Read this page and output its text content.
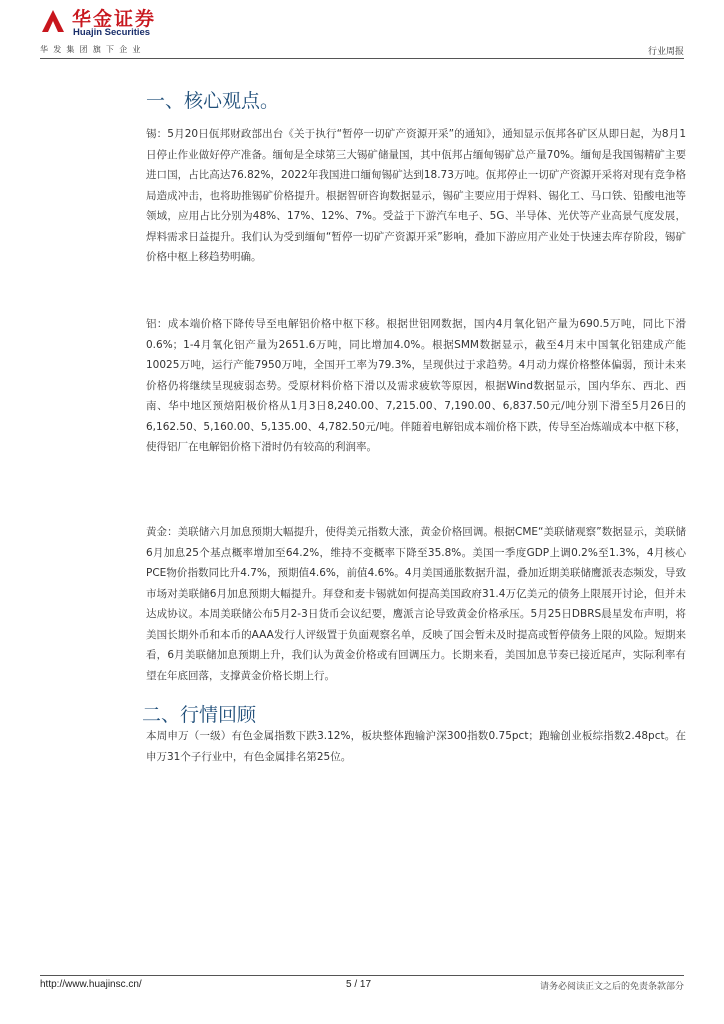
华金证券
Huajin Securities
华发集团旗下企业	行业周报
一、核心观点。

锡：5月20日佤邦财政部出台《关于执行“暂停一切矿产资源开采”的通知》，通知显示佤邦各矿区从即日起，为8月1日停止作业做好停产准备。缅甸是全球第三大锡矿储量国，其中佤邦占缅甸锡矿总产量70%。缅甸是我国锡精矿主要进口国，占比高达76.82%，2022年我国进口缅甸锡矿达到18.73万吨。佤邦停止一切矿产资源开采将对现有竞争格局造成冲击，也将助推锡矿价格提升。根据智研咨询数据显示，锡矿主要应用于焊料、锡化工、马口铁、铅酸电池等领域，应用占比分别为48%、17%、12%、7%。受益于下游汽车电子、5G、半导体、光伏等产业高景气度发展，焊料需求日益提升。我们认为受到缅甸“暂停一切矿产资源开采”影响，叠加下游应用产业处于快速去库存阶段，锡矿价格中枢上移趋势明确。

铝：成本端价格下降传导至电解铝价格中枢下移。根据世铝网数据，国内4月氧化铝产量为690.5万吨，同比下滑0.6%；1-4月氧化铝产量为2651.6万吨，同比增加4.0%。根据SMM数据显示，截至4月末中国氧化铝建成产能10025万吨，运行产能7950万吨，全国开工率为79.3%，呈现供过于求趋势。4月动力煤价格整体偏弱，预计未来价格仍将继续呈现疲弱态势。受原材料价格下滑以及需求疲软等原因，根据Wind数据显示，国内华东、西北、西南、华中地区预焙阳极价格从1月3日8,240.00、7,215.00、7,190.00、6,837.50元/吨分别下滑至5月26日的6,162.50、5,160.00、5,135.00、4,782.50元/吨。伴随着电解铝成本端价格下跌，传导至冶炼端成本中枢下移，使得铝厂在电解铝价格下滑时仍有较高的利润率。

黄金：美联储六月加息预期大幅提升，使得美元指数大涨，黄金价格回调。根据CME“美联储观察”数据显示，美联储6月加息25个基点概率增加至64.2%，维持不变概率下降至35.8%。美国一季度GDP上调0.2%至1.3%，4月核心PCE物价指数同比升4.7%，预期值4.6%，前值4.6%。4月美国通胀数据升温，叠加近期美联储鹰派表态频发，导致市场对美联储6月加息预期大幅提升。拜登和麦卡锡就如何提高美国政府31.4万亿美元的债务上限展开讨论，但并未达成协议。本周美联储公布5月2-3日货币会议纪要，鹰派言论导致黄金价格承压。5月25日DBRS晨星发布声明，将美国长期外币和本币的AAA发行人评级置于负面观察名单，反映了国会暂未及时提高或暂停债务上限的风险。短期来看，6月美联储加息预期上升，我们认为黄金价格或有回调压力。长期来看，美国加息节奏已接近尾声，实际利率有望在年底回落，支撑黄金价格长期上行。

二、行情回顾

本周申万（一级）有色金属指数下跌3.12%，板块整体跑输沪深300指数0.75pct；跑输创业板综指数2.48pct。在申万31个子行业中，有色金属排名第25位。

http://www.huajinsc.cn/	5 / 17	请务必阅读正文之后的免责条款部分
